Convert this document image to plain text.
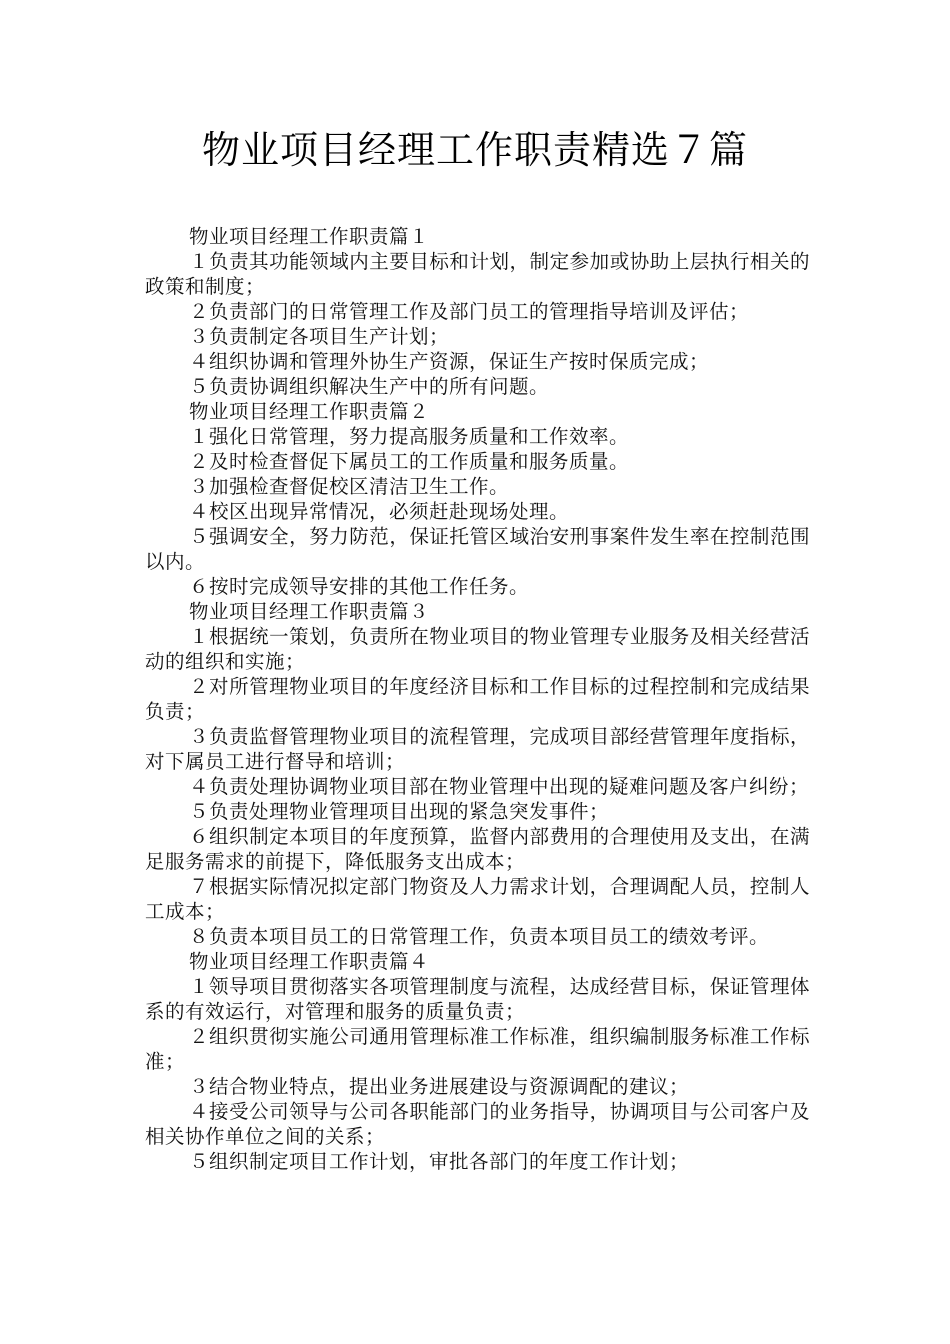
物业项目经理工作职责精选７篇

物业项目经理工作职责篇１

１负责其功能领域内主要目标和计划，制定参加或协助上层执行相关的政策和制度；

２负责部门的日常管理工作及部门员工的管理指导培训及评估；

３负责制定各项目生产计划；

４组织协调和管理外协生产资源，保证生产按时保质完成；

５负责协调组织解决生产中的所有问题。

物业项目经理工作职责篇２

１强化日常管理，努力提高服务质量和工作效率。

２及时检查督促下属员工的工作质量和服务质量。

３加强检查督促校区清洁卫生工作。

４校区出现异常情况，必须赶赴现场处理。

５强调安全，努力防范，保证托管区域治安刑事案件发生率在控制范围以内。

６按时完成领导安排的其他工作任务。

物业项目经理工作职责篇３

１根据统一策划，负责所在物业项目的物业管理专业服务及相关经营活动的组织和实施；

２对所管理物业项目的年度经济目标和工作目标的过程控制和完成结果负责；

３负责监督管理物业项目的流程管理，完成项目部经营管理年度指标，对下属员工进行督导和培训；

４负责处理协调物业项目部在物业管理中出现的疑难问题及客户纠纷；

５负责处理物业管理项目出现的紧急突发事件；

６组织制定本项目的年度预算，监督内部费用的合理使用及支出，在满足服务需求的前提下，降低服务支出成本；

７根据实际情况拟定部门物资及人力需求计划，合理调配人员，控制人工成本；

８负责本项目员工的日常管理工作，负责本项目员工的绩效考评。

物业项目经理工作职责篇４

１领导项目贯彻落实各项管理制度与流程，达成经营目标，保证管理体系的有效运行，对管理和服务的质量负责；

２组织贯彻实施公司通用管理标准工作标准，组织编制服务标准工作标准；

３结合物业特点，提出业务进展建设与资源调配的建议；

４接受公司领导与公司各职能部门的业务指导，协调项目与公司客户及相关协作单位之间的关系；

５组织制定项目工作计划，审批各部门的年度工作计划；
